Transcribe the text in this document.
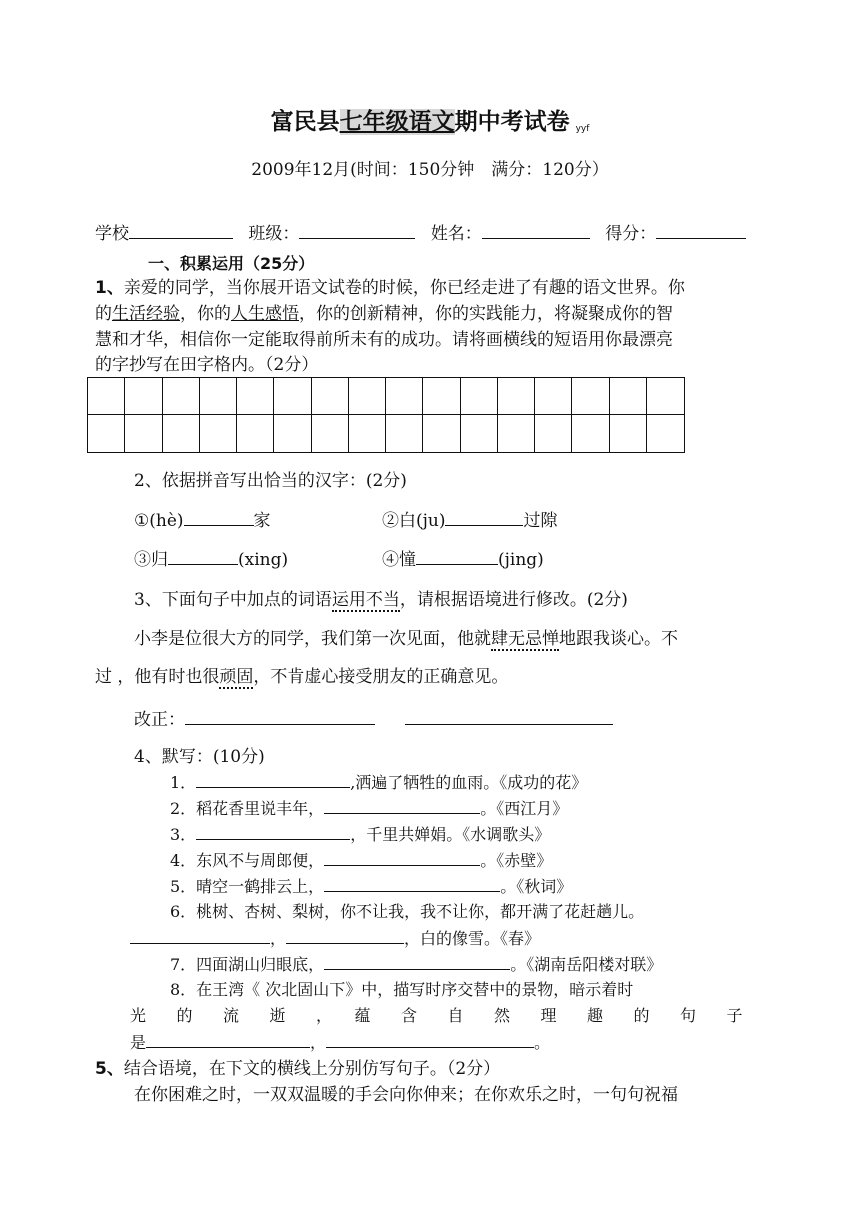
富民县七年级语文期中考试卷 yyf
2009年12月(时间：150分钟　满分：120分）
学校	班级：	姓名：	得分：
一、积累运用（25分）
1、亲爱的同学，当你展开语文试卷的时候，你已经走进了有趣的语文世界。你
的生活经验，你的人生感悟，你的创新精神，你的实践能力，将凝聚成你的智
慧和才华，相信你一定能取得前所未有的成功。请将画横线的短语用你最漂亮
的字抄写在田字格内。（2分）
2、依据拼音写出恰当的汉字：(2分)
①(hè)	家	②白(ju)	过隙
③归	(xing)	④憧	(jing)
3、下面句子中加点的词语运用不当，请根据语境进行修改。(2分)
小李是位很大方的同学，我们第一次见面，他就肆无忌惮地跟我谈心。不
过 ，他有时也很顽固，不肯虚心接受朋友的正确意见。
改正：
4、默写：(10分)
1．	,洒遍了牺牲的血雨。《成功的花》
2．稻花香里说丰年，	。《西江月》
3．	，千里共婵娟。《水调歌头》
4．东风不与周郎便，	。《赤壁》
5．晴空一鹤排云上，	。《秋词》
6．桃树、杏树、梨树，你不让我，我不让你，都开满了花赶趟儿。
，	，白的像雪。《春》
7．四面湖山归眼底，	。《湖南岳阳楼对联》
8．在王湾《 次北固山下》中，描写时序交替中的景物，暗示着时
光　　的　　流　　逝　　，　　蕴　　含　　自　　然　　理　　趣　　的　　句　　子
是	，	。
5、结合语境，在下文的横线上分别仿写句子。（2分）
在你困难之时，一双双温暖的手会向你伸来；在你欢乐之时，一句句祝福
